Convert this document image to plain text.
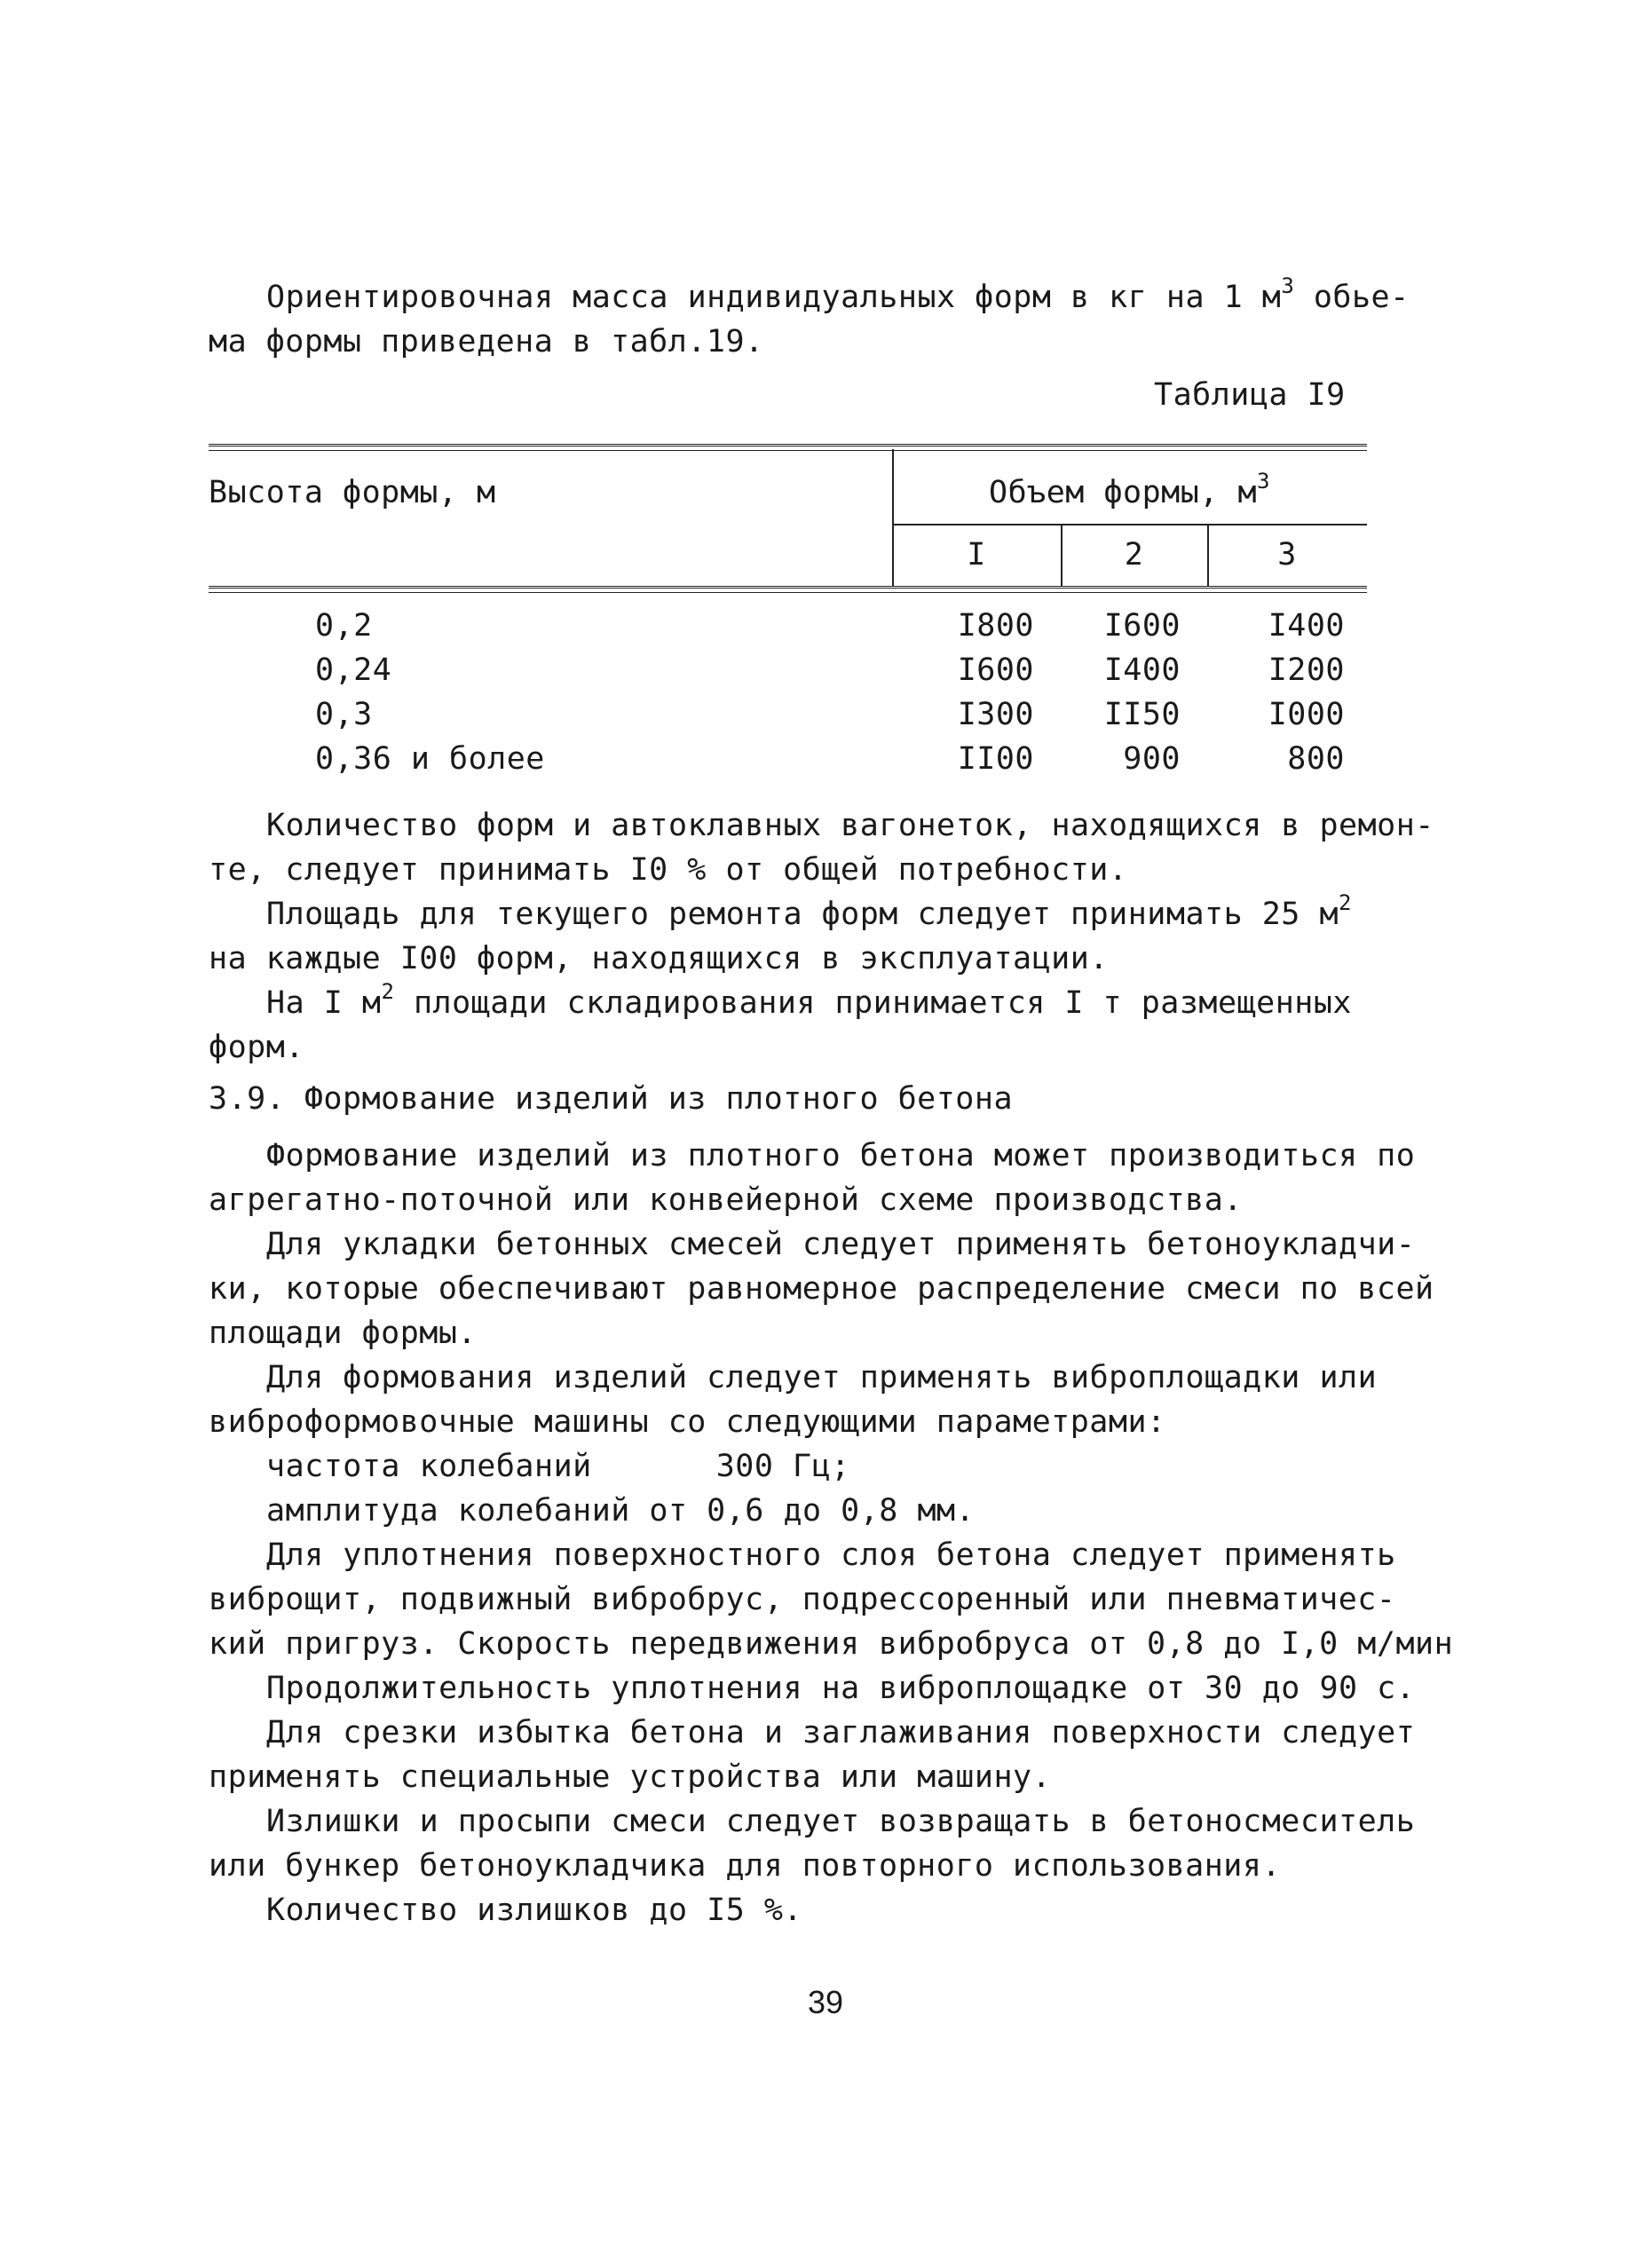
Ориентировочная масса индивидуальных форм в кг на 1 $м^3$ обье-
ма формы приведена в табл.19.
Таблица I9
Высота формы, м	Объем формы, $м^3$
I	2	3
0,2	I800	I600	I400
0,24	I600	I400	I200
0,3	I300	II50	I000
0,36 и более	II00	900	800
Количество форм и автоклавных вагонеток, находящихся в ремон-
те, следует принимать I0 % от общей потребности.
Площадь для текущего ремонта форм следует принимать 25 $м^2$
на каждые I00 форм, находящихся в эксплуатации.
На I $м^2$ площади складирования принимается I т размещенных
форм.
3.9. Формование изделий из плотного бетона
Формование изделий из плотного бетона может производиться по
агрегатно-поточной или конвейерной схеме производства.
Для укладки бетонных смесей следует применять бетоноукладчи-
ки, которые обеспечивают равномерное распределение смеси по всей
площади формы.
Для формования изделий следует применять виброплощадки или
виброформовочные машины со следующими параметрами:
частота колебаний	300 Гц;
амплитуда колебаний от 0,6 до 0,8 мм.
Для уплотнения поверхностного слоя бетона следует применять
виброщит, подвижный вибробрус, подрессоренный или пневматичес-
кий пригруз. Скорость передвижения вибробруса от 0,8 до I,0 м/мин
Продолжительность уплотнения на виброплощадке от 30 до 90 с.
Для срезки избытка бетона и заглаживания поверхности следует
применять специальные устройства или машину.
Излишки и просыпи смеси следует возвращать в бетоносмеситель
или бункер бетоноукладчика для повторного использования.
Количество излишков до I5 %.
39
